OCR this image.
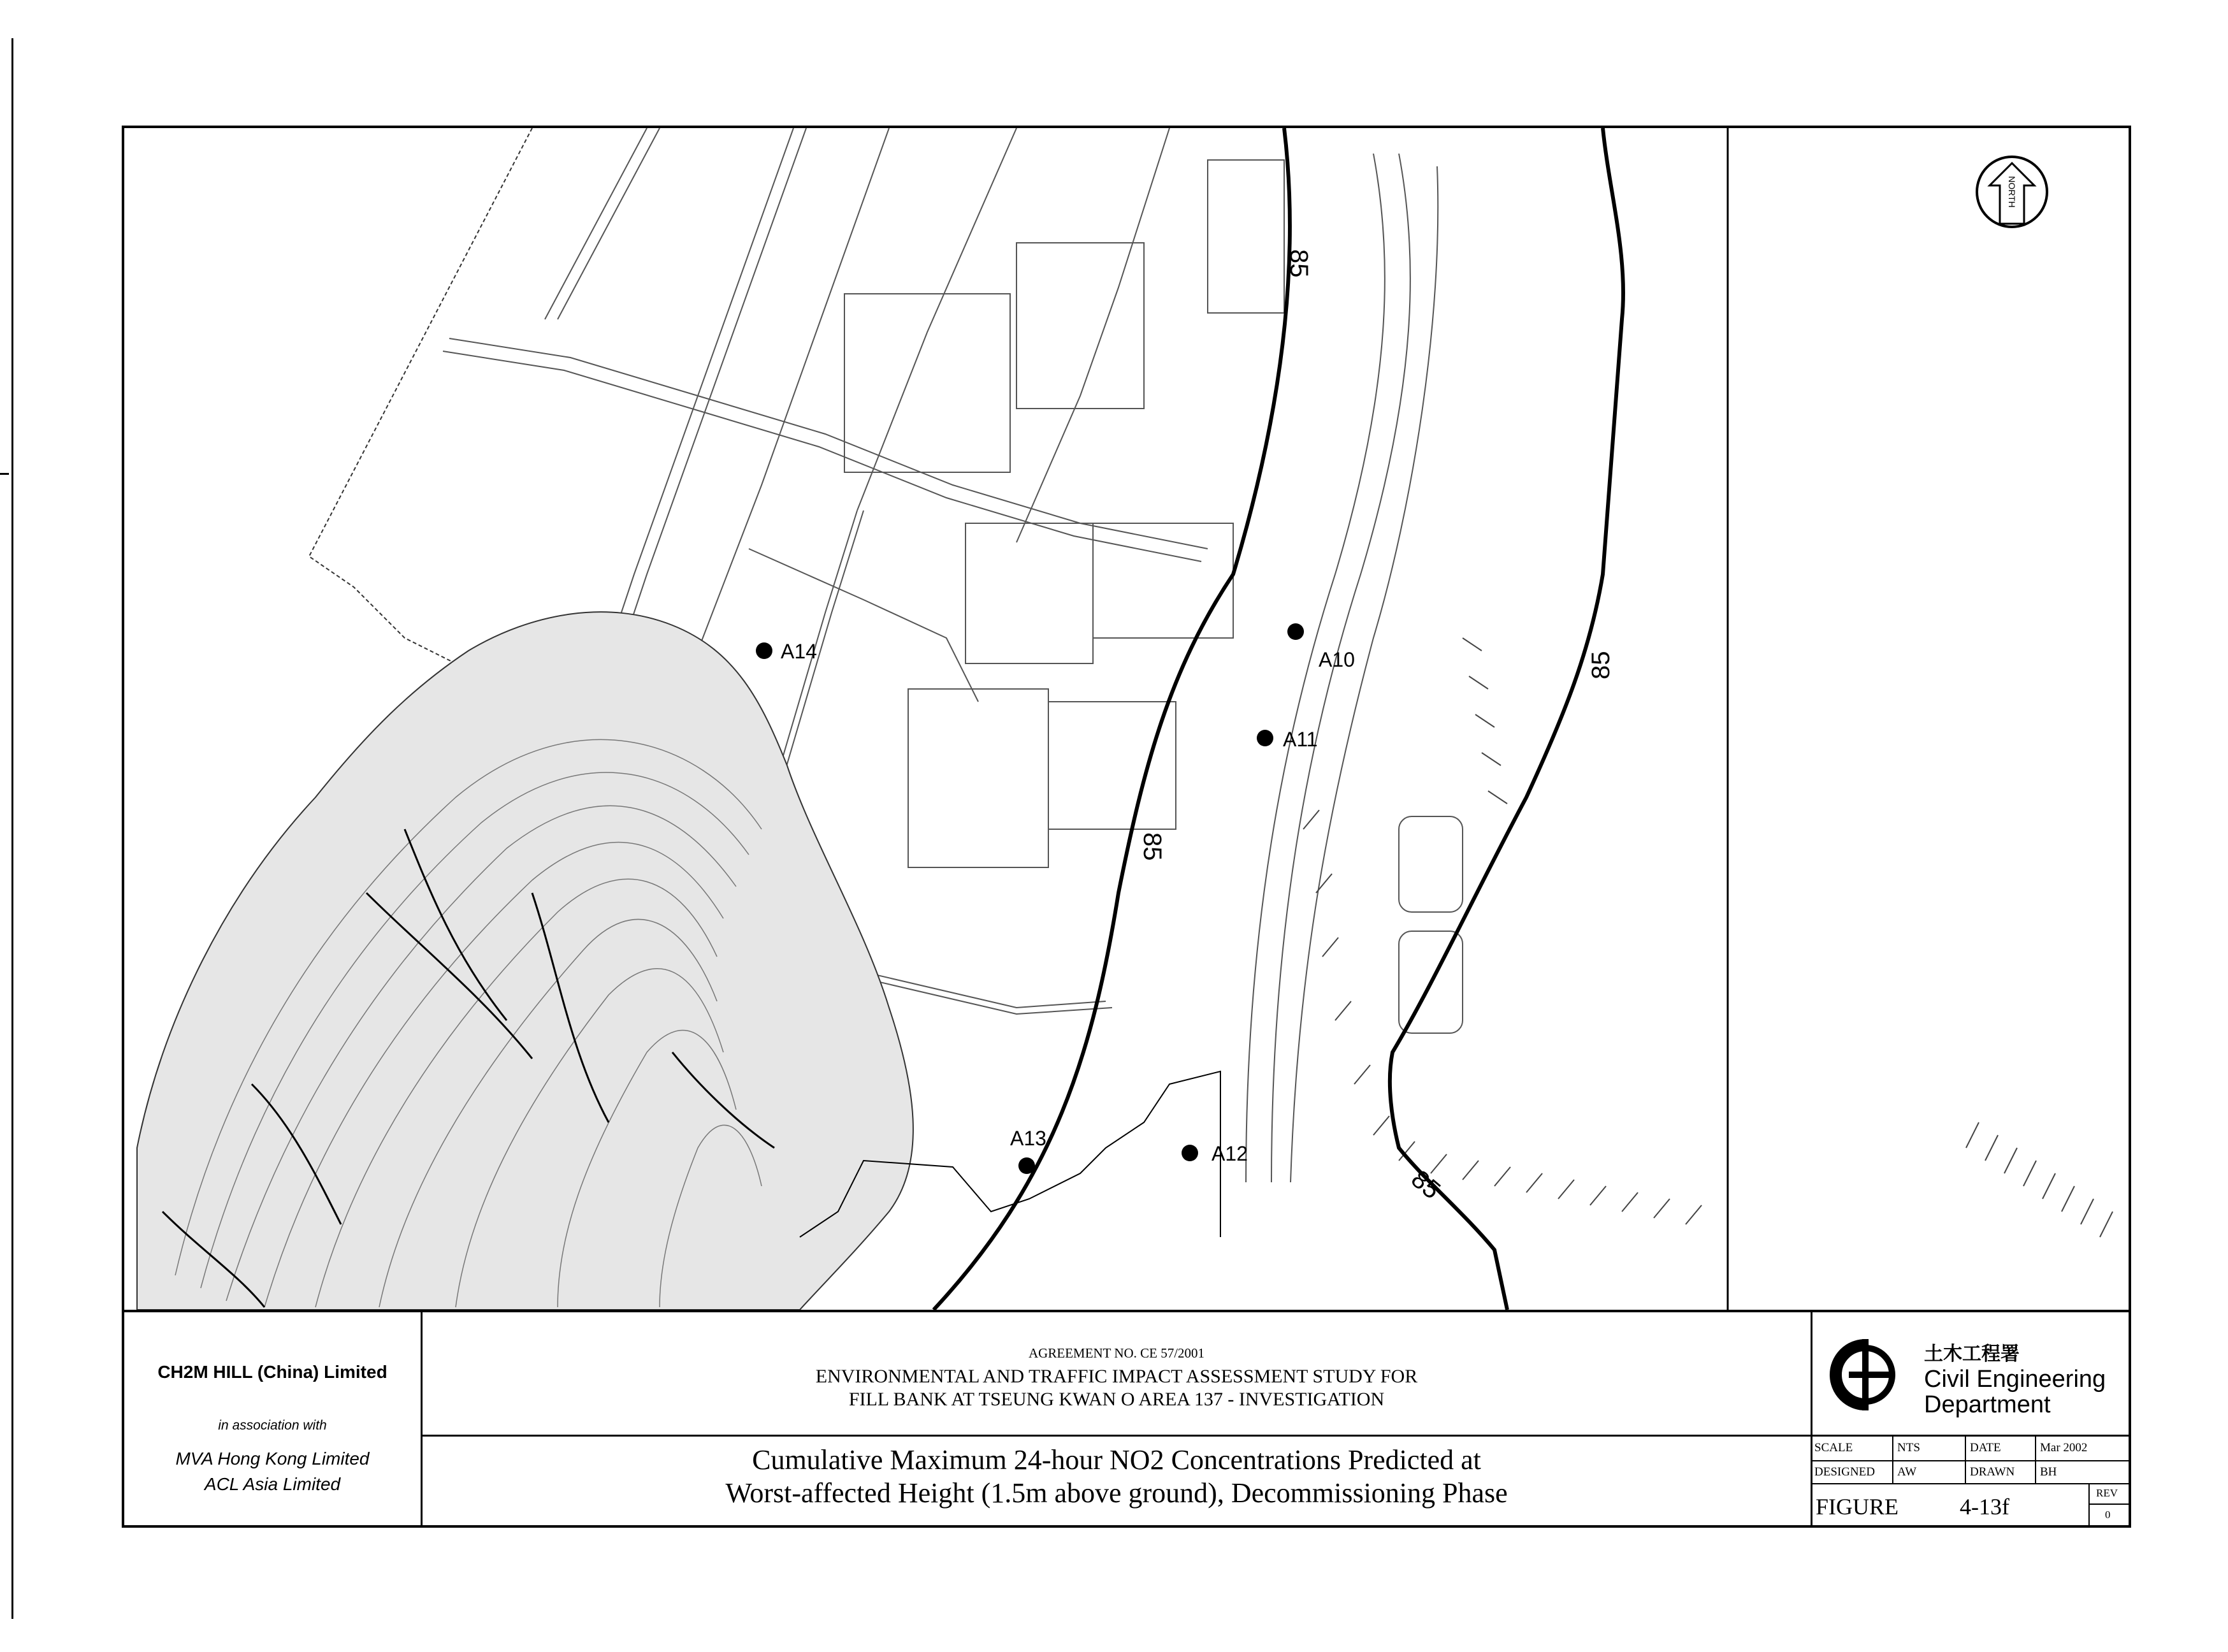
85
85
85
85
A10
A11
A12
A13
A14
NORTH
CH2M HILL (China) Limited
in association with
MVA Hong Kong Limited
ACL Asia Limited
AGREEMENT NO. CE 57/2001
ENVIRONMENTAL AND TRAFFIC IMPACT ASSESSMENT STUDY FOR
FILL BANK AT TSEUNG KWAN O AREA 137 - INVESTIGATION
Cumulative Maximum 24-hour NO2 Concentrations Predicted at
Worst-affected Height (1.5m above ground), Decommissioning Phase
土木工程署
Civil Engineering
Department
SCALE	NTS	DATE	Mar 2002
DESIGNED AW	DRAWN BH
FIGURE	4-13f
REV
0
